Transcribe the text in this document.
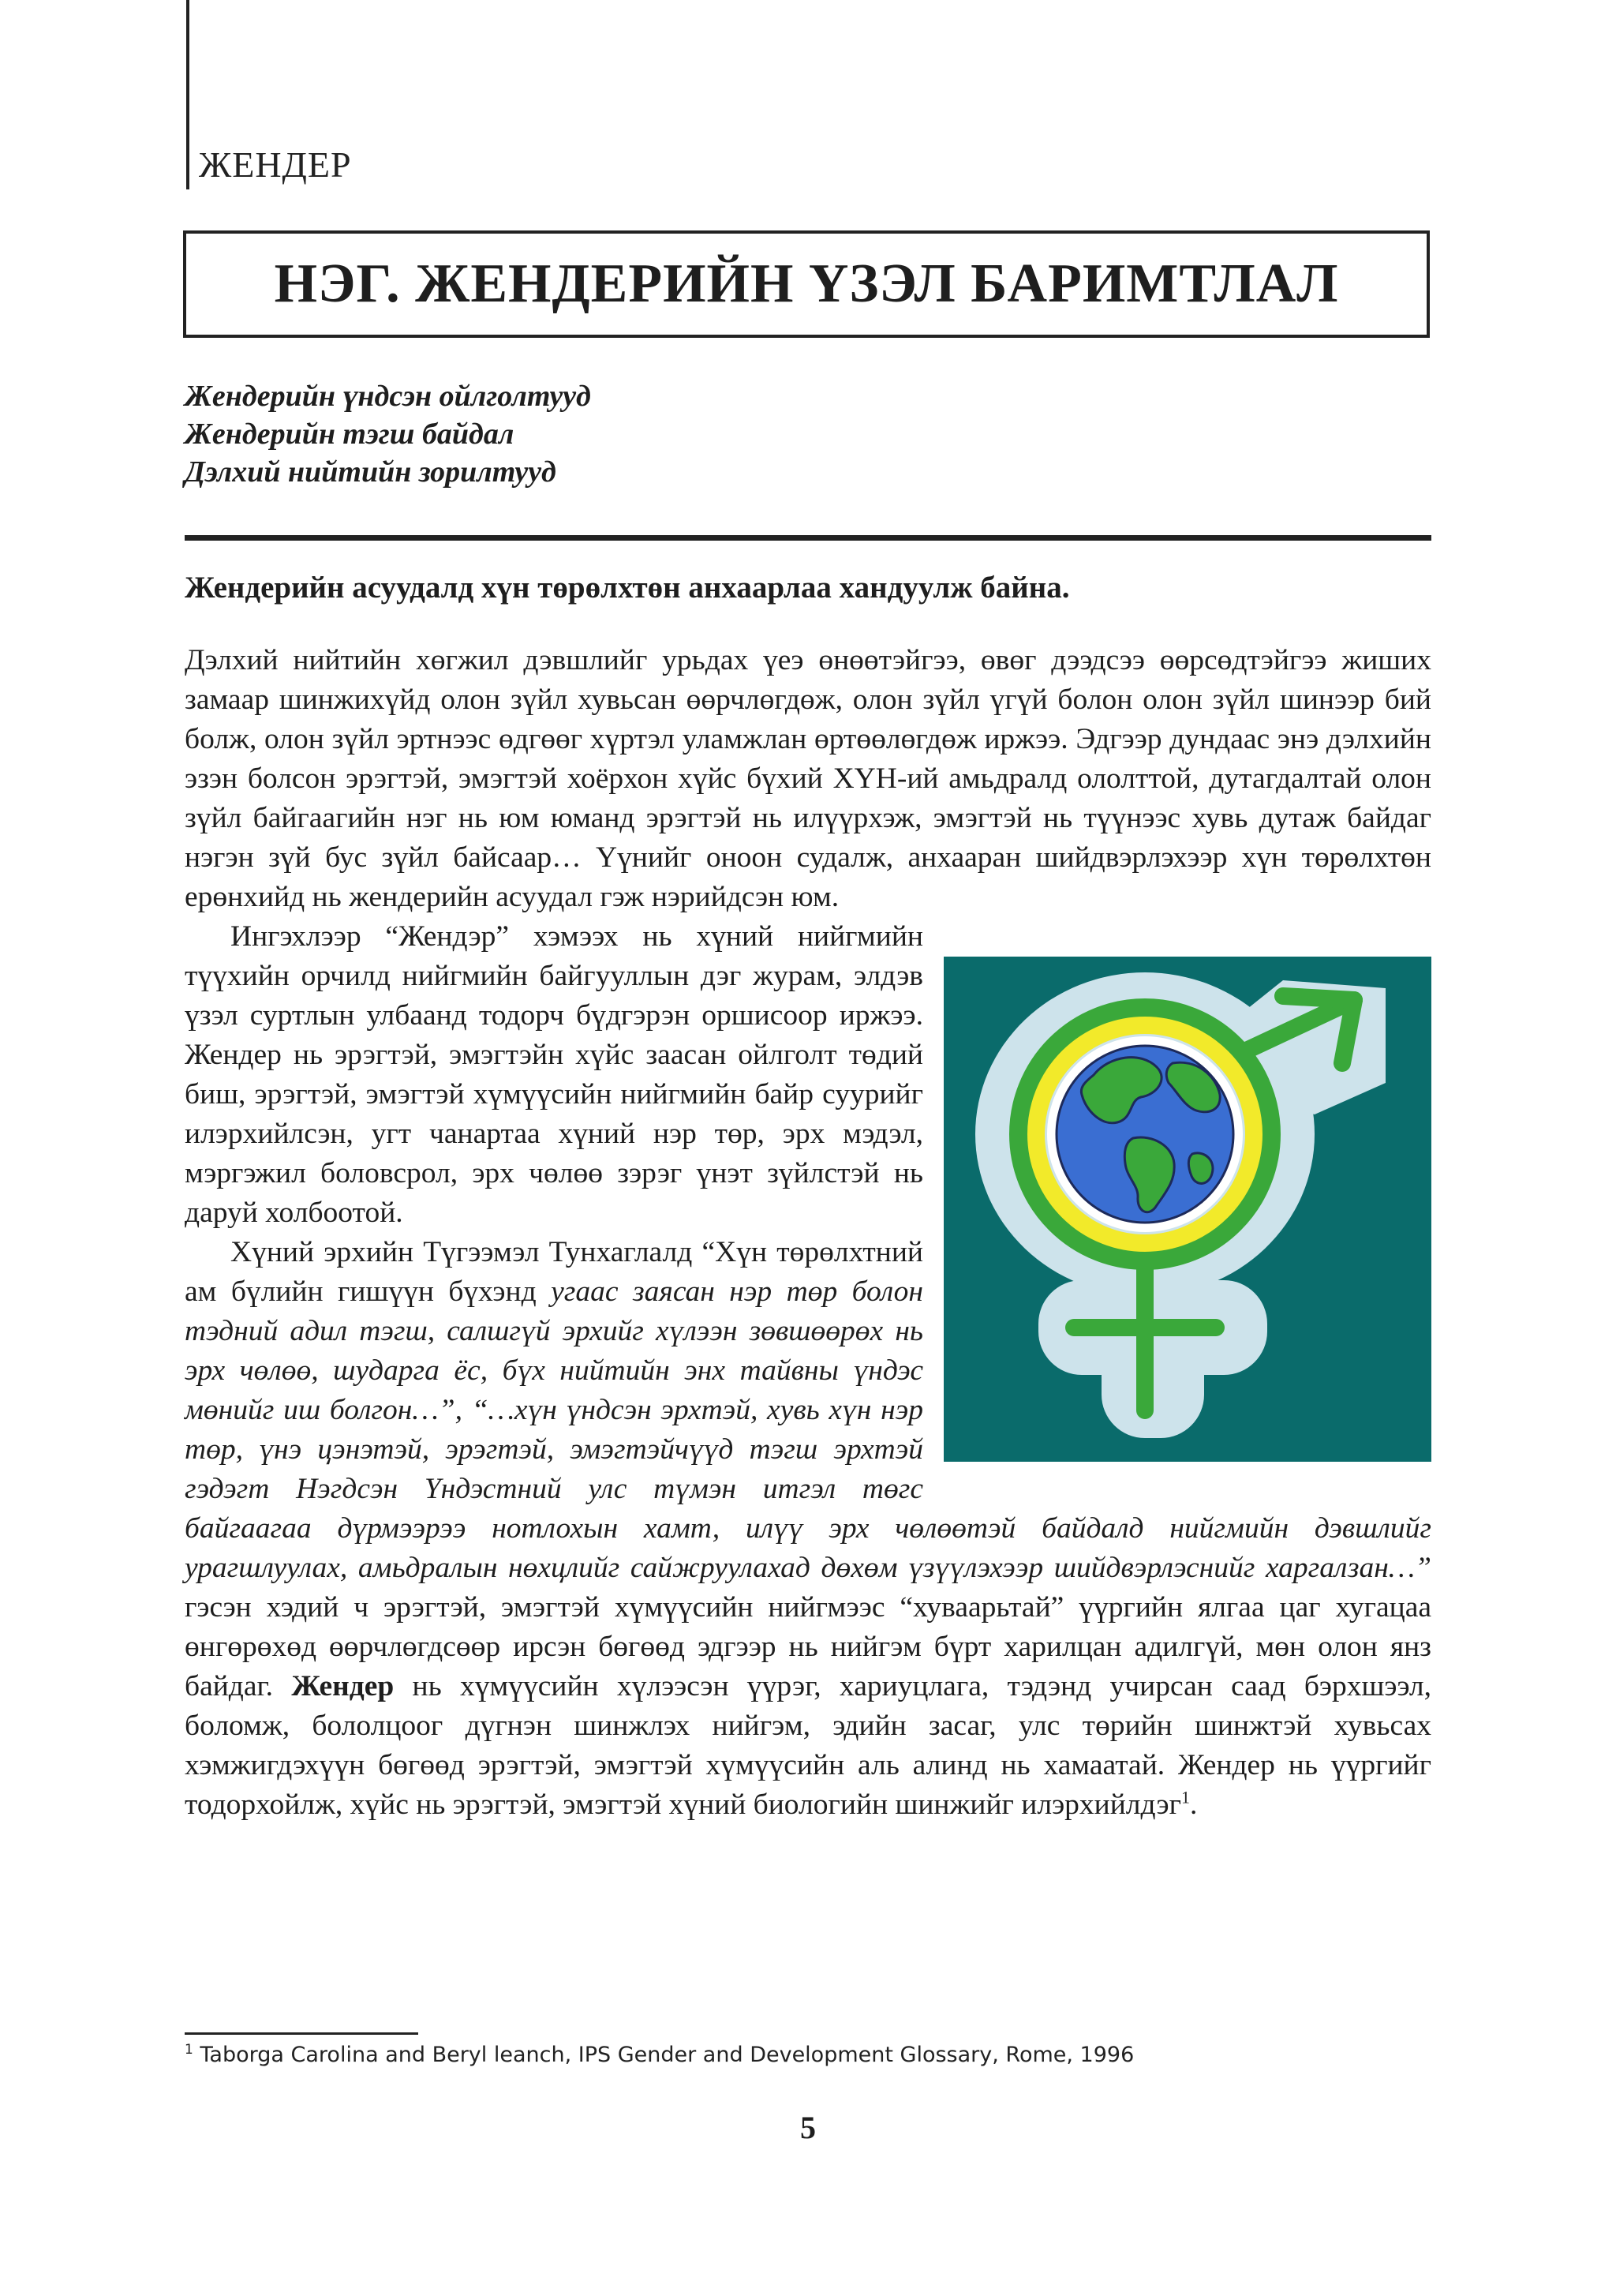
ЖЕНДЕР
НЭГ. ЖЕНДЕРИЙН ҮЗЭЛ БАРИМТЛАЛ
Жендерийн үндсэн ойлголтууд
Жендерийн тэгш байдал
Дэлхий нийтийн зорилтууд
Жендерийн асуудалд хүн төрөлхтөн анхаарлаа хандуулж байна.

Дэлхий нийтийн хөгжил дэвшлийг урьдах үеэ өнөөтэйгээ, өвөг дээдсээ өөрсөдтэйгээ жиших замаар шинжихүйд олон зүйл хувьсан өөрчлөгдөж, олон зүйл үгүй болон олон зүйл шинээр бий болж, олон зүйл эртнээс өдгөөг хүртэл уламжлан өртөөлөгдөж иржээ. Эдгээр дундаас энэ дэлхийн эзэн болсон эрэгтэй, эмэгтэй хоёрхон хүйс бүхий ХҮН-ий амьдралд ололттой, дутагдалтай олон зүйл байгаагийн нэг нь юм юманд эрэгтэй нь илүүрхэж, эмэгтэй нь түүнээс хувь дутаж байдаг нэгэн зүй бус зүйл байсаар… Үүнийг оноон судалж, анхааран шийдвэрлэхээр хүн төрөлхтөн ерөнхийд нь жендерийн асуудал гэж нэрийдсэн юм.

Ингэхлээр “Жендэр” хэмээх нь хүний нийгмийн түүхийн орчилд нийгмийн байгууллын дэг журам, элдэв үзэл суртлын улбаанд тодорч бүдгэрэн оршисоор иржээ. Жендер нь эрэгтэй, эмэгтэйн хүйс заасан ойлголт төдий биш, эрэгтэй, эмэгтэй хүмүүсийн нийгмийн байр суурийг илэрхийлсэн, угт чанартаа хүний нэр төр, эрх мэдэл, мэргэжил боловсрол, эрх чөлөө зэрэг үнэт зүйлстэй нь даруй холбоотой.

Хүний эрхийн Түгээмэл Тунхаглалд “Хүн төрөлхтний ам бүлийн гишүүн бүхэнд угаас заясан нэр төр болон тэдний адил тэгш, салшгүй эрхийг хүлээн зөвшөөрөх нь эрх чөлөө, шударга ёс, бүх нийтийн энх тайвны үндэс мөнийг иш болгон…”, “…хүн үндсэн эрхтэй, хувь хүн нэр төр, үнэ цэнэтэй, эрэгтэй, эмэгтэйчүүд тэгш эрхтэй гэдэгт Нэгдсэн Үндэстний улс түмэн итгэл төгс байгаагаа дүрмээрээ нотлохын хамт, илүү эрх чөлөөтэй байдалд нийгмийн дэвшлийг урагшлуулах, амьдралын нөхцлийг сайжруулахад дөхөм үзүүлэхээр шийдвэрлэснийг харгалзан…” гэсэн хэдий ч эрэгтэй, эмэгтэй хүмүүсийн нийгмээс “хуваарьтай” үүргийн ялгаа цаг хугацаа өнгөрөхөд өөрчлөгдсөөр ирсэн бөгөөд эдгээр нь нийгэм бүрт харилцан адилгүй, мөн олон янз байдаг. Жендер нь хүмүүсийн хүлээсэн үүрэг, хариуцлага, тэдэнд учирсан саад бэрхшээл, боломж, бололцоог дүгнэн шинжлэх нийгэм, эдийн засаг, улс төрийн шинжтэй хувьсах хэмжигдэхүүн бөгөөд эрэгтэй, эмэгтэй хүмүүсийн аль алинд нь хамаатай. Жендер нь үүргийг тодорхойлж, хүйс нь эрэгтэй, эмэгтэй хүний биологийн шинжийг илэрхийлдэг$^1$.

$^1$ Taborga Carolina and Beryl leanch, IPS Gender and Development Glossary, Rome, 1996
5
